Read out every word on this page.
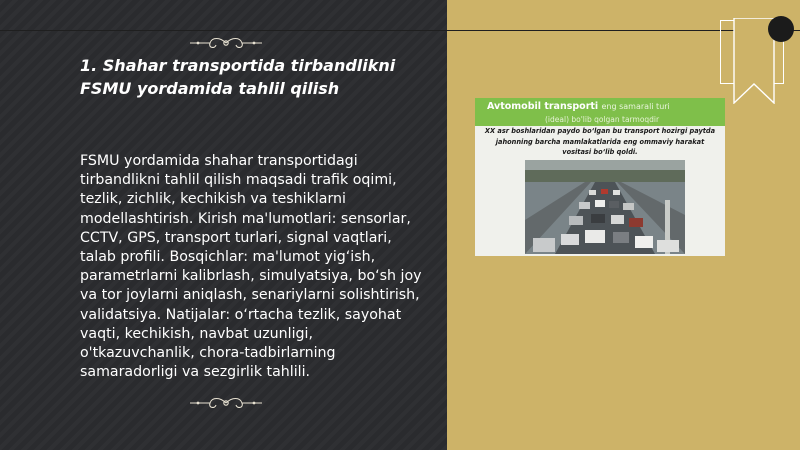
1. Shahar transportida tirbandlikni FSMU yordamida tahlil qilish
FSMU yordamida shahar transportidagi tirbandlikni tahlil qilish maqsadi trafik oqimi, tezlik, zichlik, kechikish va teshiklarni modellashtirish. Kirish ma'lumotlari: sensorlar, CCTV, GPS, transport turlari, signal vaqtlari, talab profili. Bosqichlar: ma'lumot yig‘ish, parametrlarni kalibrlash, simulyatsiya, bo‘sh joy va tor joylarni aniqlash, senariylarni solishtirish, validatsiya. Natijalar: o‘rtacha tezlik, sayohat vaqti, kechikish, navbat uzunligi, o'tkazuvchanlik, chora-tadbirlarning samaradorligi va sezgirlik tahlili.
Avtomobil transporti eng samarali turi
(ideal) bo'lib qolgan tarmoqdir
XX asr boshlaridan paydo bo‘lgan bu transport hozirgi paytda jahonning barcha mamlakatlarida eng ommaviy harakat vositasi bo‘lib qoldi.
